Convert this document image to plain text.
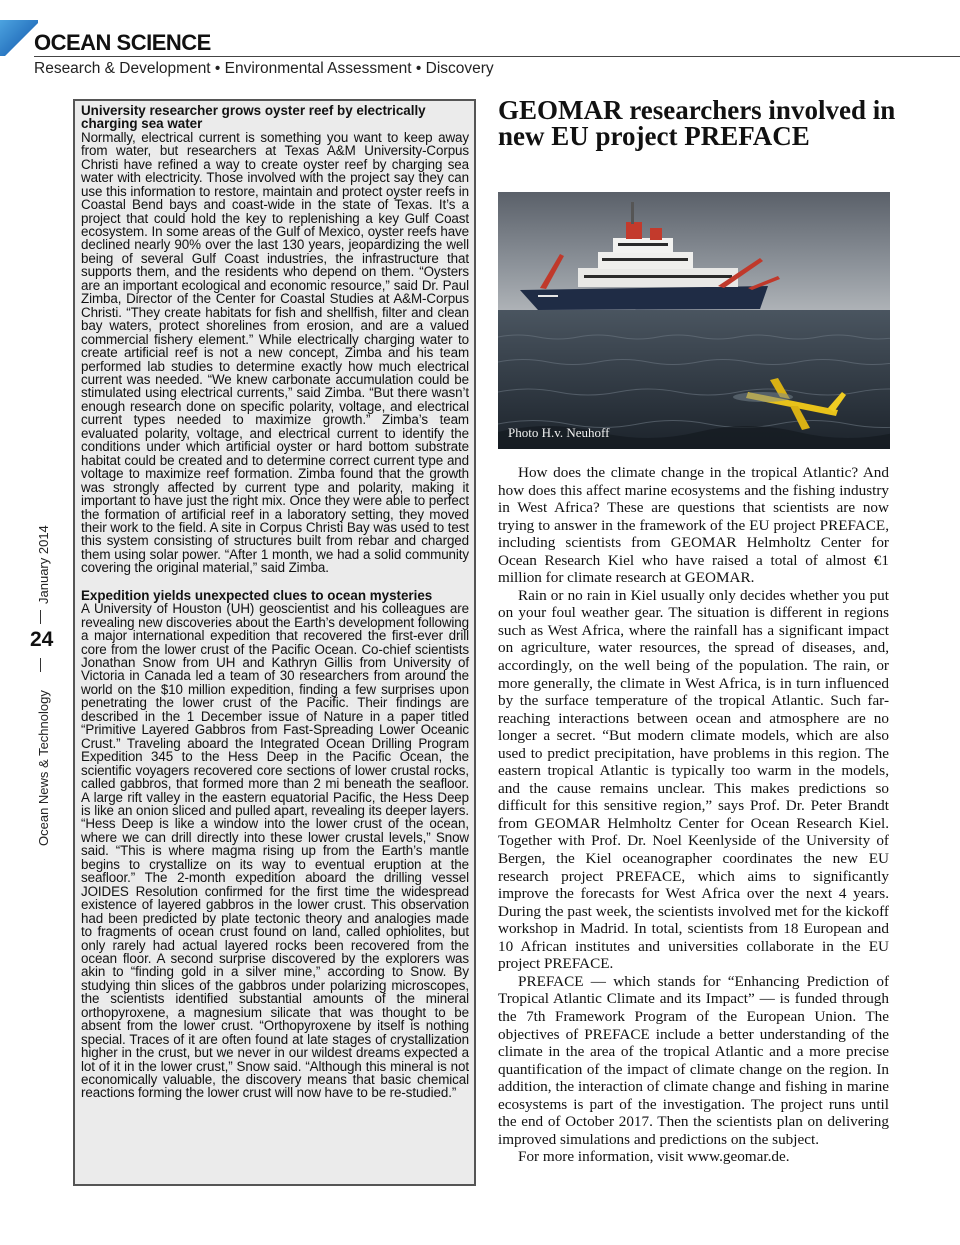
OCEAN SCIENCE
Research & Development • Environmental Assessment • Discovery
January 2014
24
Ocean News & Technology
University researcher grows oyster reef by electrically charging sea water

Normally, electrical current is something you want to keep away from water, but researchers at Texas A&M University-Corpus Christi have refined a way to create oyster reef by charging sea water with electricity. Those involved with the project say they can use this information to restore, maintain and protect oyster reefs in Coastal Bend bays and coast-wide in the state of Texas. It’s a project that could hold the key to replenishing a key Gulf Coast ecosystem. In some areas of the Gulf of Mexico, oyster reefs have declined nearly 90% over the last 130 years, jeopardizing the well being of several Gulf Coast industries, the infrastructure that supports them, and the residents who depend on them. “Oysters are an important ecological and economic resource,” said Dr. Paul Zimba, Director of the Center for Coastal Studies at A&M-Corpus Christi. “They create habitats for fish and shellfish, filter and clean bay waters, protect shorelines from erosion, and are a valued commercial fishery element.” While electrically charging water to create artificial reef is not a new concept, Zimba and his team performed lab studies to determine exactly how much electrical current was needed. “We knew carbonate accumulation could be stimulated using electrical currents,” said Zimba. “But there wasn’t enough research done on specific polarity, voltage, and electrical current types needed to maximize growth.” Zimba’s team evaluated polarity, voltage, and electrical current to identify the conditions under which artificial oyster or hard bottom substrate habitat could be created and to determine correct current type and voltage to maximize reef formation. Zimba found that the growth was strongly affected by current type and polarity, making it important to have just the right mix. Once they were able to perfect the formation of artificial reef in a laboratory setting, they moved their work to the field. A site in Corpus Christi Bay was used to test this system consisting of structures built from rebar and charged them using solar power. “After 1 month, we had a solid community covering the original material,” said Zimba.

Expedition yields unexpected clues to ocean mysteries

A University of Houston (UH) geoscientist and his colleagues are revealing new discoveries about the Earth’s development following a major international expedition that recovered the first-ever drill core from the lower crust of the Pacific Ocean. Co-chief scientists Jonathan Snow from UH and Kathryn Gillis from University of Victoria in Canada led a team of 30 researchers from around the world on the $10 million expedition, finding a few surprises upon penetrating the lower crust of the Pacific. Their findings are described in the 1 December issue of Nature in a paper titled “Primitive Layered Gabbros from Fast-Spreading Lower Oceanic Crust.” Traveling aboard the Integrated Ocean Drilling Program Expedition 345 to the Hess Deep in the Pacific Ocean, the scientific voyagers recovered core sections of lower crustal rocks, called gabbros, that formed more than 2 mi beneath the seafloor. A large rift valley in the eastern equatorial Pacific, the Hess Deep is like an onion sliced and pulled apart, revealing its deeper layers. “Hess Deep is like a window into the lower crust of the ocean, where we can drill directly into these lower crustal levels,” Snow said. “This is where magma rising up from the Earth’s mantle begins to crystallize on its way to eventual eruption at the seafloor.” The 2-month expedition aboard the drilling vessel JOIDES Resolution confirmed for the first time the widespread existence of layered gabbros in the lower crust. This observation had been predicted by plate tectonic theory and analogies made to fragments of ocean crust found on land, called ophiolites, but only rarely had actual layered rocks been recovered from the ocean floor. A second surprise discovered by the explorers was akin to “finding gold in a silver mine,” according to Snow. By studying thin slices of the gabbros under polarizing microscopes, the scientists identified substantial amounts of the mineral orthopyroxene, a magnesium silicate that was thought to be absent from the lower crust. “Orthopyroxene by itself is nothing special. Traces of it are often found at late stages of crystallization higher in the crust, but we never in our wildest dreams expected a lot of it in the lower crust,” Snow said. “Although this mineral is not economically valuable, the discovery means that basic chemical reactions forming the lower crust will now have to be re-studied.”

GEOMAR researchers involved in new EU project PREFACE
Photo H.v. Neuhoff

How does the climate change in the tropical Atlantic? And how does this affect marine ecosystems and the fishing industry in West Africa? These are questions that scientists are now trying to answer in the framework of the EU project PREFACE, including scientists from GEOMAR Helmholtz Center for Ocean Research Kiel who have raised a total of almost €1 million for climate research at GEOMAR.

Rain or no rain in Kiel usually only decides whether you put on your foul weather gear. The situation is different in regions such as West Africa, where the rainfall has a significant impact on agriculture, water resources, the spread of diseases, and, accordingly, on the well being of the population. The rain, or more generally, the climate in West Africa, is in turn influenced by the surface temperature of the tropical Atlantic. Such far-reaching interactions between ocean and atmosphere are no longer a secret. “But modern climate models, which are also used to predict precipitation, have problems in this region. The eastern tropical Atlantic is typically too warm in the models, and the cause remains unclear. This makes predictions so difficult for this sensitive region,” says Prof. Dr. Peter Brandt from GEOMAR Helmholtz Center for Ocean Research Kiel. Together with Prof. Dr. Noel Keenlyside of the University of Bergen, the Kiel oceanographer coordinates the new EU research project PREFACE, which aims to significantly improve the forecasts for West Africa over the next 4 years. During the past week, the scientists involved met for the kickoff workshop in Madrid. In total, scientists from 18 European and 10 African institutes and universities collaborate in the EU project PREFACE.

PREFACE — which stands for “Enhancing Prediction of Tropical Atlantic Climate and its Impact” — is funded through the 7th Framework Program of the European Union. The objectives of PREFACE include a better understanding of the climate in the area of the tropical Atlantic and a more precise quantification of the impact of climate change on the region. In addition, the interaction of climate change and fishing in marine ecosystems is part of the investigation. The project runs until the end of October 2017. Then the scientists plan on delivering improved simulations and predictions on the subject.

For more information, visit www.geomar.de.
